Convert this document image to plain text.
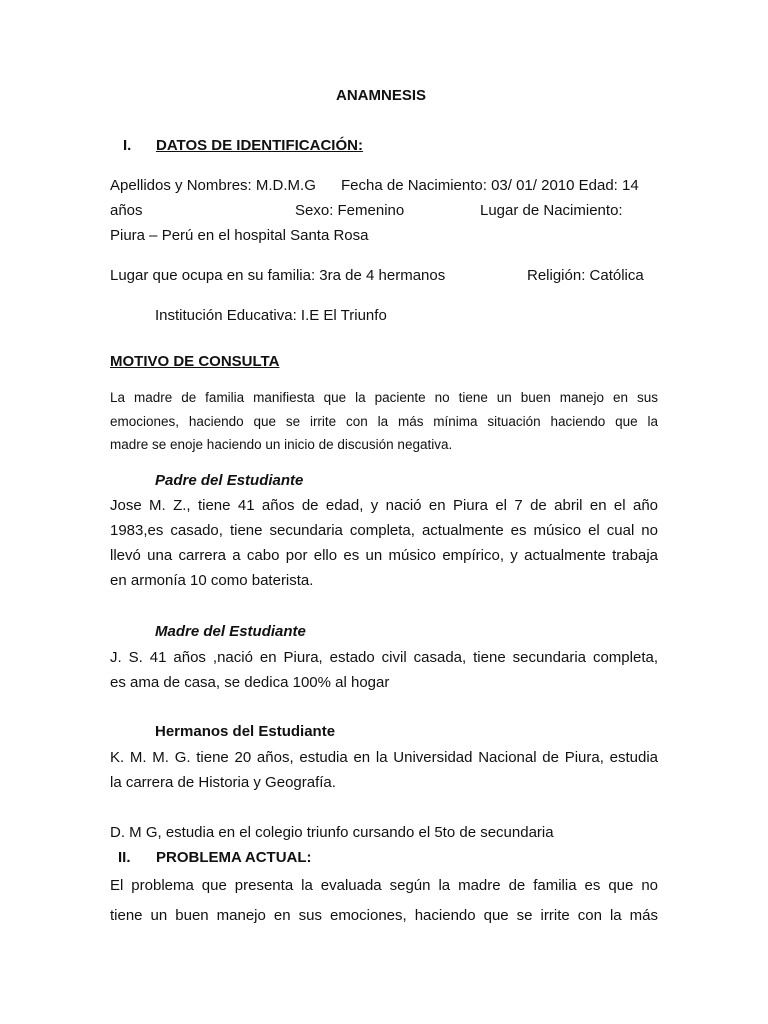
ANAMNESIS
I. DATOS DE IDENTIFICACIÓN:
Apellidos y Nombres: M.D.M.G Fecha de Nacimiento: 03/ 01/ 2010 Edad: 14
años	Sexo: Femenino	Lugar de Nacimiento:
Piura – Perú en el hospital Santa Rosa
Lugar que ocupa en su familia: 3ra de 4 hermanos	Religión: Católica
Institución Educativa: I.E El Triunfo
MOTIVO DE CONSULTA
La madre de familia manifiesta que la paciente no tiene un buen manejo en sus
emociones, haciendo que se irrite con la más mínima situación haciendo que la
madre se enoje haciendo un inicio de discusión negativa.
Padre del Estudiante
Jose M. Z., tiene 41 años de edad, y nació en Piura el 7 de abril en el año
1983,es casado, tiene secundaria completa, actualmente es músico el cual no
llevó una carrera a cabo por ello es un músico empírico, y actualmente trabaja
en armonía 10 como baterista.
Madre del Estudiante
J. S. 41 años ,nació en Piura, estado civil casada, tiene secundaria completa,
es ama de casa, se dedica 100% al hogar
Hermanos del Estudiante
K. M. M. G. tiene 20 años, estudia en la Universidad Nacional de Piura, estudia
la carrera de Historia y Geografía.
D. M G, estudia en el colegio triunfo cursando el 5to de secundaria
II. PROBLEMA ACTUAL:
El problema que presenta la evaluada según la madre de familia es que no
tiene un buen manejo en sus emociones, haciendo que se irrite con la más
